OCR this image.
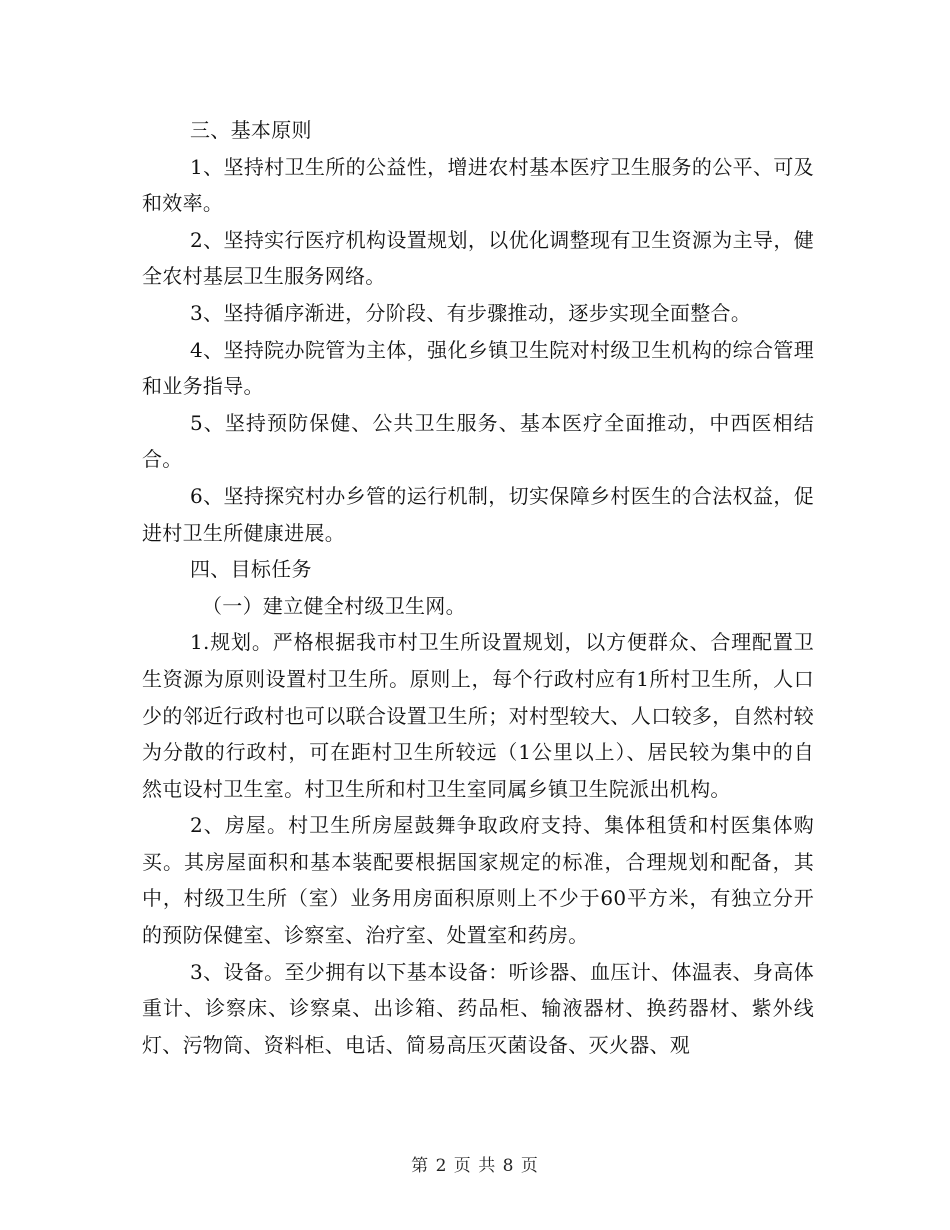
三、基本原则

1、坚持村卫生所的公益性，增进农村基本医疗卫生服务的公平、可及和效率。

2、坚持实行医疗机构设置规划，以优化调整现有卫生资源为主导，健全农村基层卫生服务网络。

3、坚持循序渐进，分阶段、有步骤推动，逐步实现全面整合。

4、坚持院办院管为主体，强化乡镇卫生院对村级卫生机构的综合管理和业务指导。

5、坚持预防保健、公共卫生服务、基本医疗全面推动，中西医相结合。

6、坚持探究村办乡管的运行机制，切实保障乡村医生的合法权益，促进村卫生所健康进展。

四、目标任务

（一）建立健全村级卫生网。

1.规划。严格根据我市村卫生所设置规划，以方便群众、合理配置卫生资源为原则设置村卫生所。原则上，每个行政村应有1所村卫生所，人口少的邻近行政村也可以联合设置卫生所；对村型较大、人口较多，自然村较为分散的行政村，可在距村卫生所较远（1公里以上）、居民较为集中的自然屯设村卫生室。村卫生所和村卫生室同属乡镇卫生院派出机构。

2、房屋。村卫生所房屋鼓舞争取政府支持、集体租赁和村医集体购买。其房屋面积和基本装配要根据国家规定的标准，合理规划和配备，其中，村级卫生所（室）业务用房面积原则上不少于60平方米，有独立分开的预防保健室、诊察室、治疗室、处置室和药房。

3、设备。至少拥有以下基本设备：听诊器、血压计、体温表、身高体重计、诊察床、诊察桌、出诊箱、药品柜、输液器材、换药器材、紫外线灯、污物筒、资料柜、电话、简易高压灭菌设备、灭火器、观

第 2 页 共 8 页
